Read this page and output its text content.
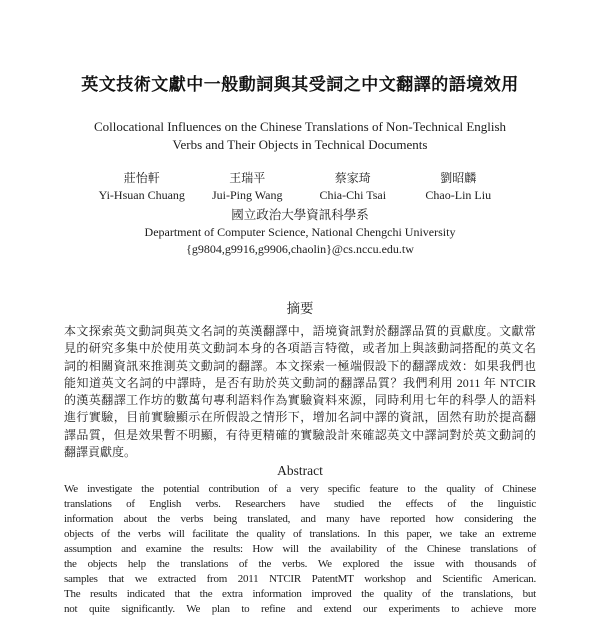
英文技術文獻中一般動詞與其受詞之中文翻譯的語境效用
Collocational Influences on the Chinese Translations of Non-Technical English
Verbs and Their Objects in Technical Documents
莊怡軒
Yi-Hsuan Chuang
王瑞平
Jui-Ping Wang
蔡家琦
Chia-Chi Tsai
劉昭麟
Chao-Lin Liu
國立政治大學資訊科學系
Department of Computer Science, National Chengchi University
{g9804,g9916,g9906,chaolin}@cs.nccu.edu.tw
摘要
本文探索英文動詞與英文名詞的英漢翻譯中，語境資訊對於翻譯品質的貢獻度。文獻常
見的研究多集中於使用英文動詞本身的各項語言特徵，或者加上與該動詞搭配的英文名
詞的相關資訊來推測英文動詞的翻譯。本文探索一極端假設下的翻譯成效：如果我們也
能知道英文名詞的中譯時，是否有助於英文動詞的翻譯品質？我們利用 2011 年 NTCIR
的漢英翻譯工作坊的數萬句專利語料作為實驗資料來源，同時利用七年的科學人的語料
進行實驗，目前實驗顯示在所假設之情形下，增加名詞中譯的資訊，固然有助於提高翻
譯品質，但是效果暫不明顯，有待更精確的實驗設計來確認英文中譯詞對於英文動詞的
翻譯貢獻度。
Abstract
We investigate the potential contribution of a very specific feature to the quality of Chinese
translations of English verbs. Researchers have studied the effects of the linguistic
information about the verbs being translated, and many have reported how considering the
objects of the verbs will facilitate the quality of translations. In this paper, we take an extreme
assumption and examine the results: How will the availability of the Chinese translations of
the objects help the translations of the verbs. We explored the issue with thousands of
samples that we extracted from 2011 NTCIR PatentMT workshop and Scientific American.
The results indicated that the extra information improved the quality of the translations, but
not quite significantly. We plan to refine and extend our experiments to achieve more
